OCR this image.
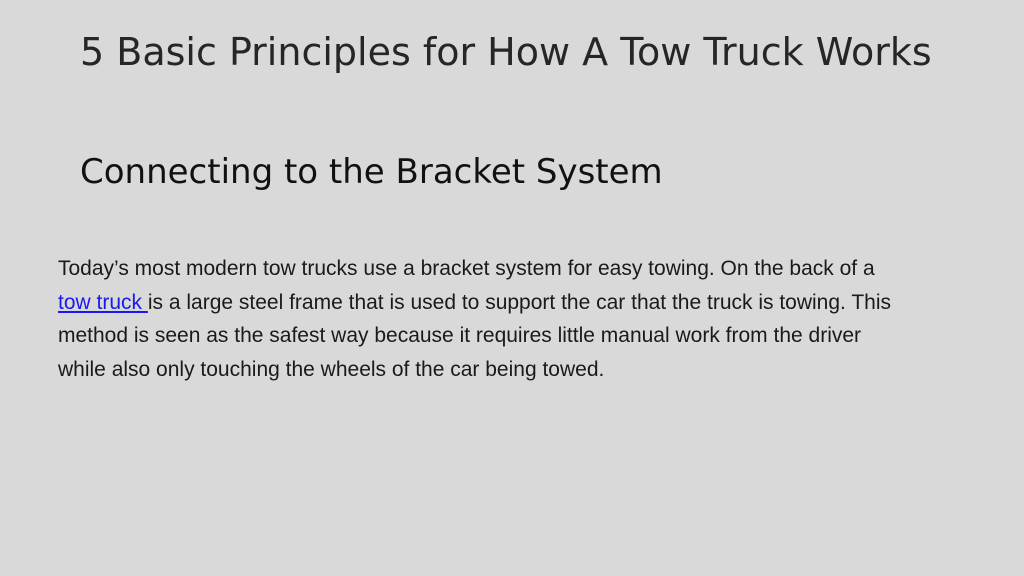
5 Basic Principles for How A Tow Truck Works
Connecting to the Bracket System

Today’s most modern tow trucks use a bracket system for easy towing. On the back of a tow truck is a large steel frame that is used to support the car that the truck is towing. This method is seen as the safest way because it requires little manual work from the driver while also only touching the wheels of the car being towed.
